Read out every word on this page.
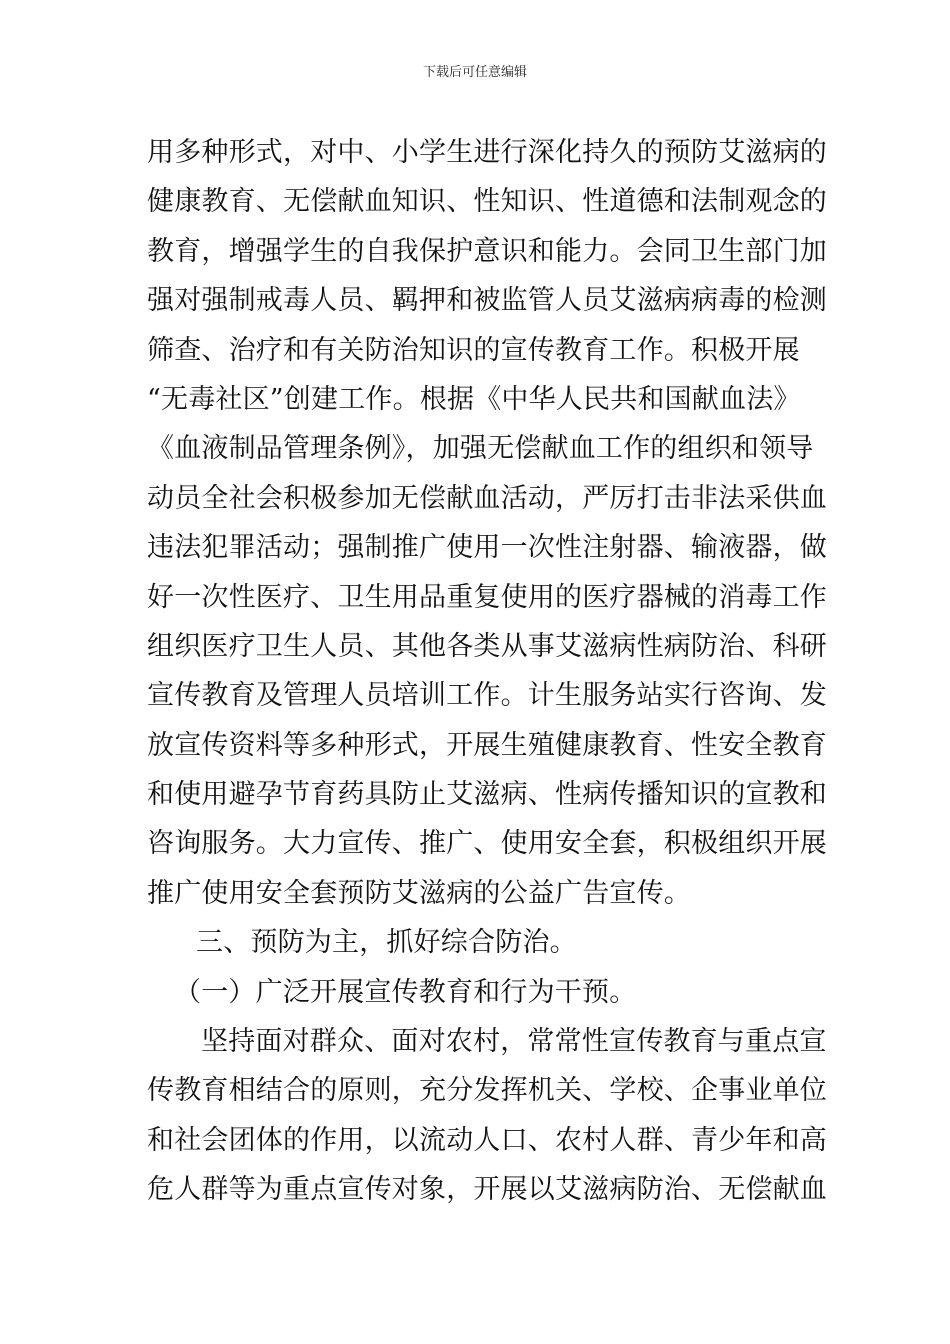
下载后可任意编辑
用多种形式，对中、小学生进行深化持久的预防艾滋病的
健康教育、无偿献血知识、性知识、性道德和法制观念的
教育，增强学生的自我保护意识和能力。会同卫生部门加
强对强制戒毒人员、羁押和被监管人员艾滋病病毒的检测
筛查、治疗和有关防治知识的宣传教育工作。积极开展
“无毒社区”创建工作。根据《中华人民共和国献血法》
《血液制品管理条例》，加强无偿献血工作的组织和领导
动员全社会积极参加无偿献血活动，严厉打击非法采供血
违法犯罪活动；强制推广使用一次性注射器、输液器，做
好一次性医疗、卫生用品重复使用的医疗器械的消毒工作
组织医疗卫生人员、其他各类从事艾滋病性病防治、科研
宣传教育及管理人员培训工作。计生服务站实行咨询、发
放宣传资料等多种形式，开展生殖健康教育、性安全教育
和使用避孕节育药具防止艾滋病、性病传播知识的宣教和
咨询服务。大力宣传、推广、使用安全套，积极组织开展
推广使用安全套预防艾滋病的公益广告宣传。
三、预防为主，抓好综合防治。
（一）广泛开展宣传教育和行为干预。
坚持面对群众、面对农村，常常性宣传教育与重点宣
传教育相结合的原则，充分发挥机关、学校、企事业单位
和社会团体的作用，以流动人口、农村人群、青少年和高
危人群等为重点宣传对象，开展以艾滋病防治、无偿献血
